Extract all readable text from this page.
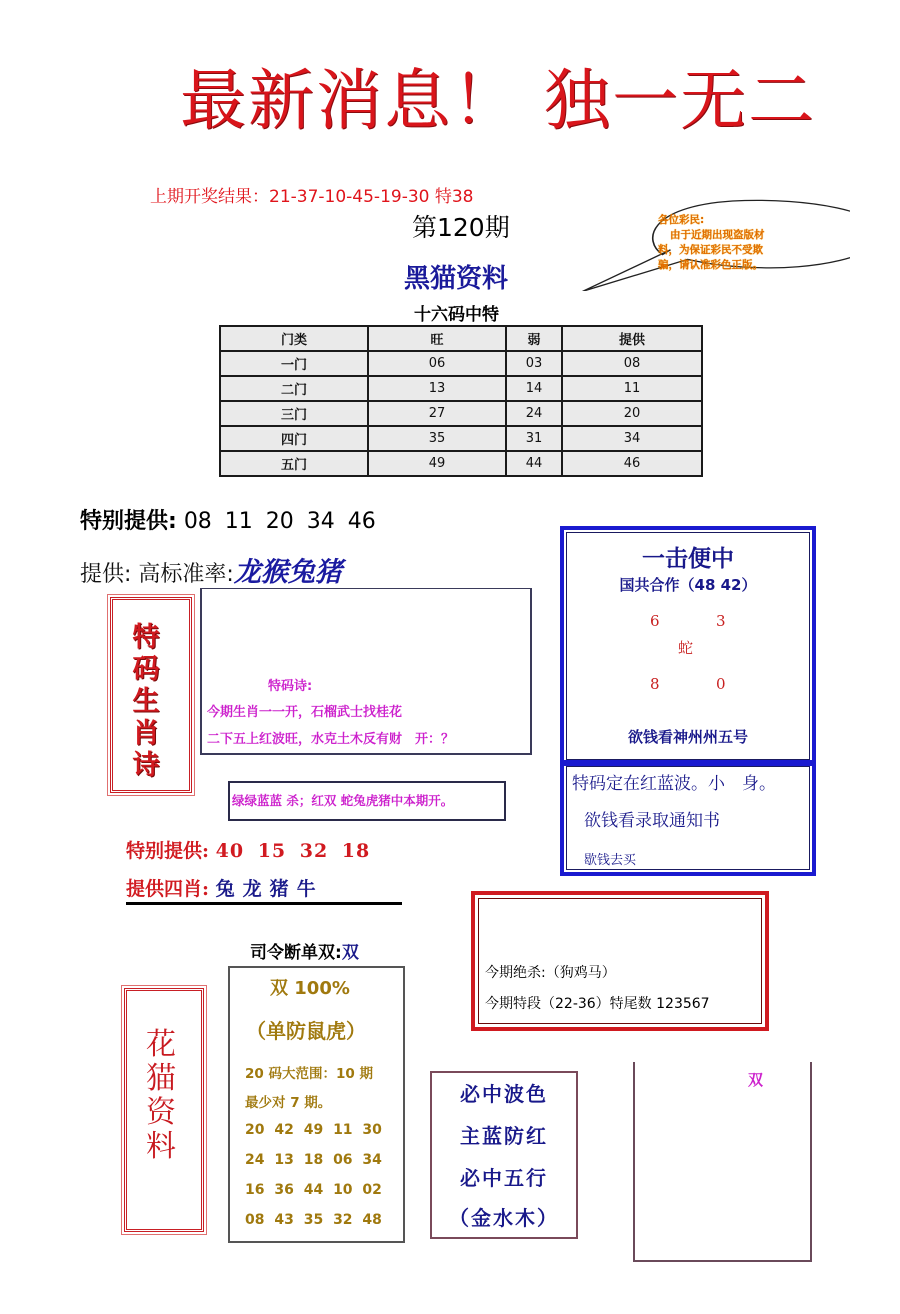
最新消息！ 独一无二
上期开奖结果：21-37-10-45-19-30 特38
第120期	各位彩民:
由于近期出现盗版材
料，为保证彩民不受欺
骗，请认准彩色正版。
黑猫资料
十六码中特
门类	旺	弱	提供
一门	06	03	08
二门	13	14	11
三门	27	24	20
四门	35	31	34
五门	49	44	46
特别提供: 08 11 20 34 46
提供: 高标准率:龙猴兔猪
特
码
生
肖
诗
特码诗:
今期生肖一一开，石榴武士找桂花
二下五上红波旺，水克土木反有财　开：？
绿绿蓝蓝 杀；红双 蛇兔虎猪中本期开。
一击便中
国共合作（48 42）
6	3
蛇
8	0
欲钱看神州州五号
特码定在红蓝波。小　身。
欲钱看录取通知书
歇钱去买
特别提供: 40 15 32 18
提供四肖: 兔龙猪牛
今期绝杀:（狗鸡马）
今期特段（22-36）特尾数 123567
司令断单双:双
花
猫
资
料
双 100%
（单防鼠虎）
20 码大范围：10 期
最少对 7 期。
20 42 49 11 30
24 13 18 06 34
16 36 44 10 02
08 43 35 32 48
必中波色
主蓝防红
必中五行
（金水木）
双
